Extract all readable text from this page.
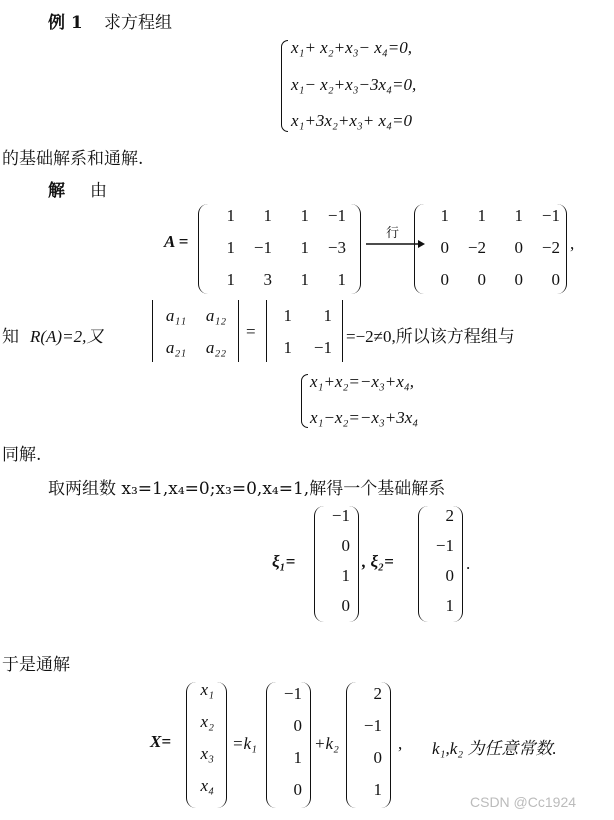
例 1 求方程组
x₁+ x₂+x₃− x₄=0,
x₁− x₂+x₃−3x₄=0,
x₁+3x₂+x₃+ x₄=0
的基础解系和通解.
解 由
A =
1	1	1	−1
1	−1	1	−3
1	3	1	1
行
1	1	1	−1
0	−2	0	−2
0	0	0	0
,
知 R(A)=2,又
a₁₁	a₁₂
a₂₁	a₂₂
=
1	1
1	−1
=−2≠0,所以该方程组与
x₁+x₂=−x₃+x₄,
x₁−x₂=−x₃+3x₄
同解.
取两组数 x₃=1,x₄=0;x₃=0,x₄=1,解得一个基础解系
ξ₁=
−1
0
1
0
, ξ₂=
2
−1
0
1
.
于是通解
X=
x₁
x₂
x₃
x₄
=k₁
−1
0
1
0
+k₂
2
−1
0
1
, k₁,k₂ 为任意常数.
CSDN @Cc1924
